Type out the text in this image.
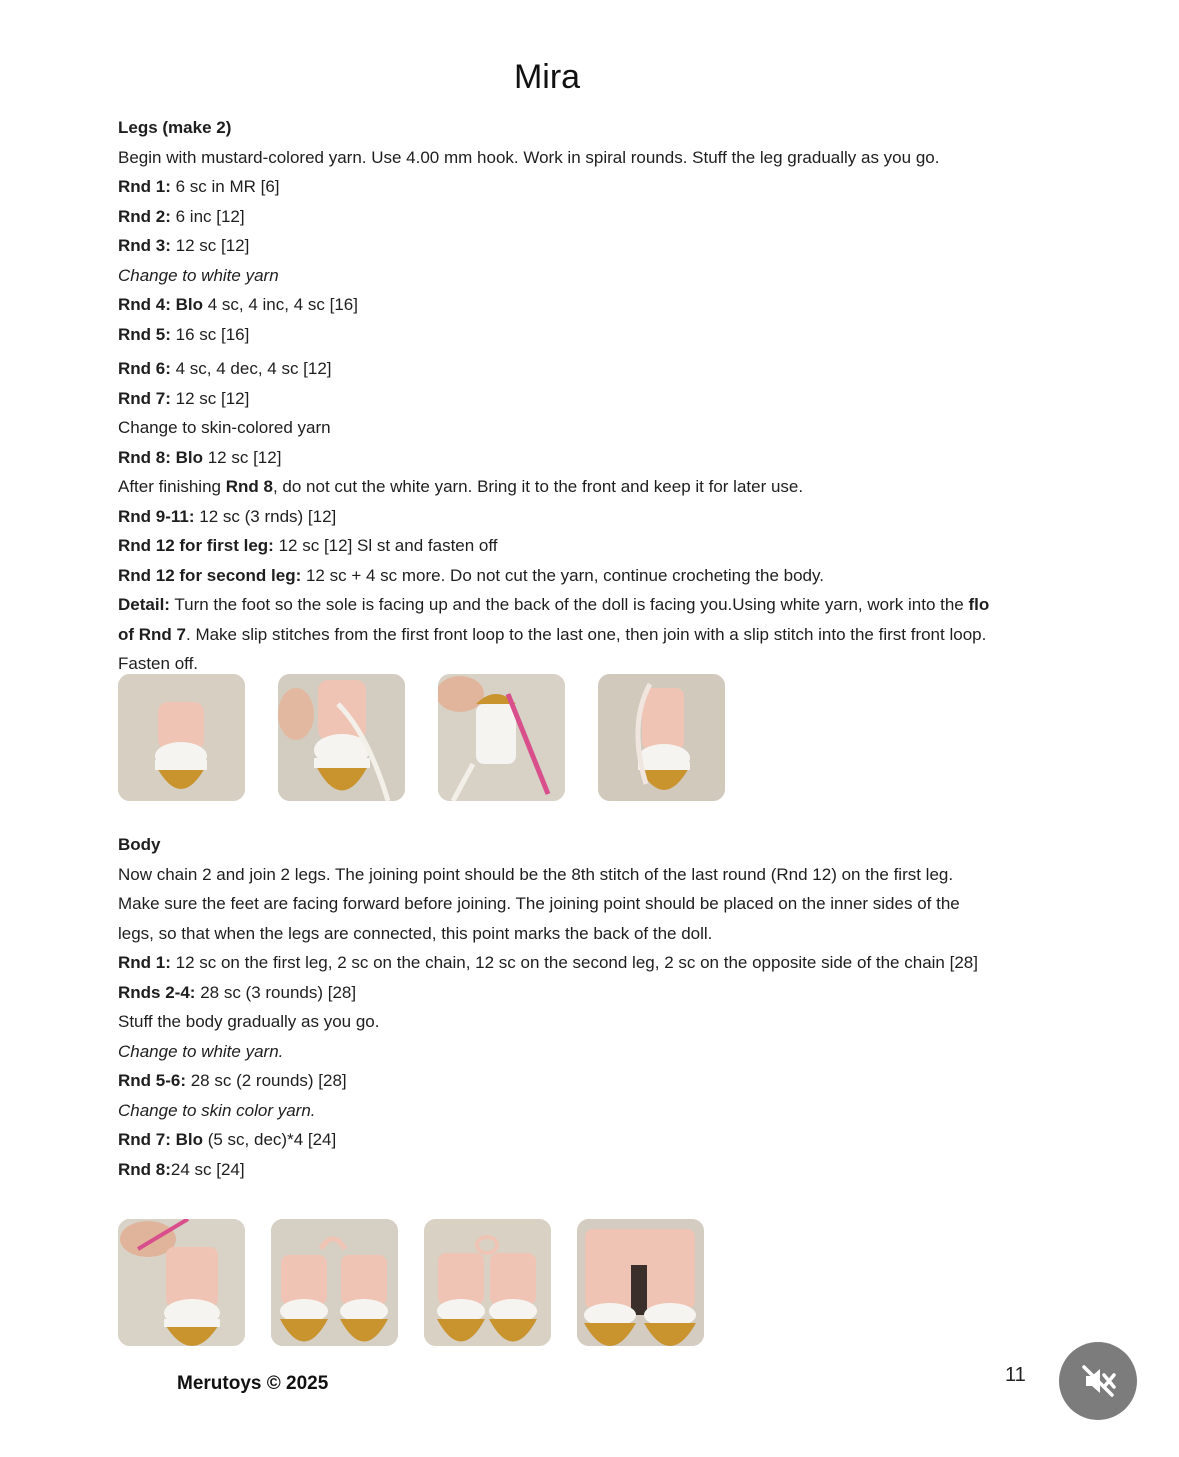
Mira
Legs (make 2)
Begin with mustard-colored yarn. Use 4.00 mm hook. Work in spiral rounds. Stuff the leg gradually as you go.
Rnd 1: 6 sc in MR [6]
Rnd 2: 6 inc [12]
Rnd 3: 12 sc [12]
Change to white yarn
Rnd 4: Blo 4 sc, 4 inc, 4 sc [16]
Rnd 5: 16 sc [16]
Rnd 6: 4 sc, 4 dec, 4 sc [12]
Rnd 7: 12 sc [12]
Change to skin-colored yarn
Rnd 8: Blo 12 sc [12]
After finishing Rnd 8, do not cut the white yarn. Bring it to the front and keep it for later use.
Rnd 9-11: 12 sc (3 rnds) [12]
Rnd 12 for first leg: 12 sc [12] Sl st and fasten off
Rnd 12 for second leg: 12 sc + 4 sc more. Do not cut the yarn, continue crocheting the body.
Detail: Turn the foot so the sole is facing up and the back of the doll is facing you.Using white yarn, work into the flo
of Rnd 7. Make slip stitches from the first front loop to the last one, then join with a slip stitch into the first front loop.
Fasten off.
Body
Now chain 2 and join 2 legs. The joining point should be the 8th stitch of the last round (Rnd 12) on the first leg.
Make sure the feet are facing forward before joining. The joining point should be placed on the inner sides of the
legs, so that when the legs are connected, this point marks the back of the doll.
Rnd 1: 12 sc on the first leg, 2 sc on the chain, 12 sc on the second leg, 2 sc on the opposite side of the chain [28]
Rnds 2-4: 28 sc (3 rounds) [28]
Stuff the body gradually as you go.
Change to white yarn.
Rnd 5-6: 28 sc (2 rounds) [28]
Change to skin color yarn.
Rnd 7: Blo (5 sc, dec)*4 [24]
Rnd 8:24 sc [24]
Merutoys © 2025	11
